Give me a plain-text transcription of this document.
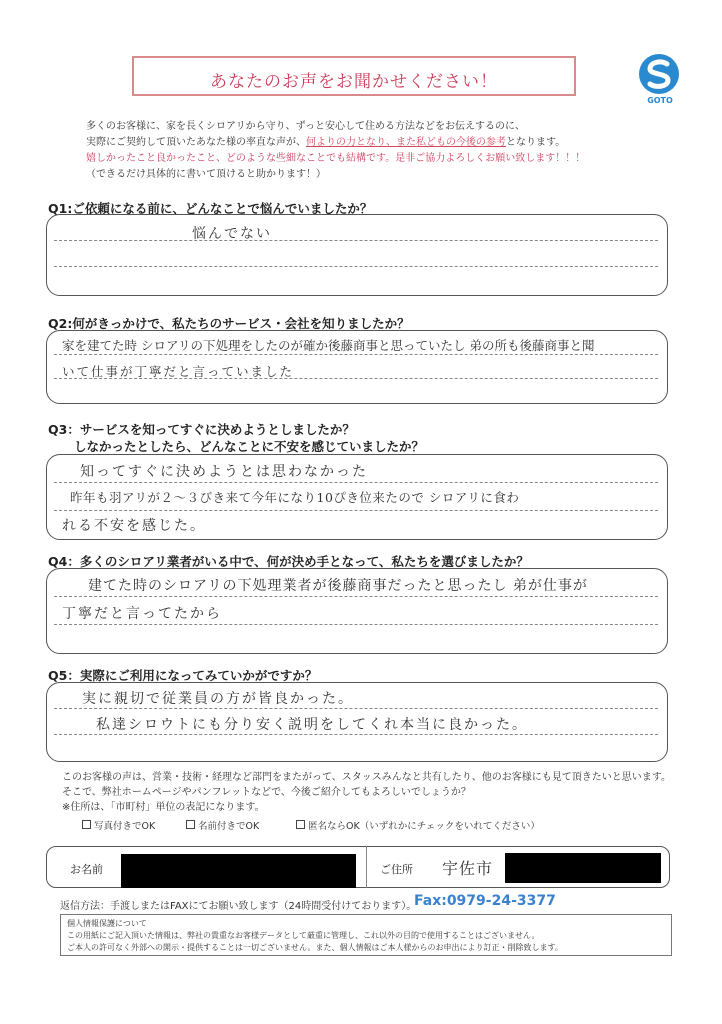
あなたのお声をお聞かせください！
GOTO
多くのお客様に、家を長くシロアリから守り、ずっと安心して住める方法などをお伝えするのに、
実際にご契約して頂いたあなた様の率直な声が、何よりの力となり、また私どもの今後の参考となります。
嬉しかったこと良かったこと、どのような些細なことでも結構です。是非ご協力よろしくお願い致します！！！
（できるだけ具体的に書いて頂けると助かります！）
Q1:ご依頼になる前に、どんなことで悩んでいましたか？
悩んでない
Q2:何がきっかけで、私たちのサービス・会社を知りましたか？
家を建てた時 シロアリの下処理をしたのが確か後藤商事と思っていたし 弟の所も後藤商事と聞
いて仕事が丁寧だと言っていました
Q3：サービスを知ってすぐに決めようとしましたか？
しなかったとしたら、どんなことに不安を感じていましたか？
知ってすぐに決めようとは思わなかった
昨年も羽アリが２～３びき来て今年になり10ぴき位来たので シロアリに食わ
れる不安を感じた。
Q4：多くのシロアリ業者がいる中で、何が決め手となって、私たちを選びましたか？
建てた時のシロアリの下処理業者が後藤商事だったと思ったし 弟が仕事が
丁寧だと言ってたから
Q5：実際にご利用になってみていかがですか？
実に親切で従業員の方が皆良かった。
私達シロウトにも分り安く説明をしてくれ本当に良かった。
このお客様の声は、営業・技術・経理など部門をまたがって、スタッスみんなと共有したり、他のお客様にも見て頂きたいと思います。
そこで、弊社ホームページやパンフレットなどで、今後ご紹介してもよろしいでしょうか？
※住所は、「市町村」単位の表記になります。
写真付きでOK	名前付きでOK	匿名ならOK（いずれかにチェックをいれてください）
お名前	ご住所 宇佐市
返信方法：手渡しまたはFAXにてお願い致します（24時間受付けております）。
Fax:0979-24-3377
個人情報保護について
この用紙にご記入頂いた情報は、弊社の貴重なお客様データとして厳重に管理し、これ以外の目的で使用することはございません。
ご本人の許可なく外部への開示・提供することは一切ございません。また、個人情報はご本人様からのお申出により訂正・削除致します。
